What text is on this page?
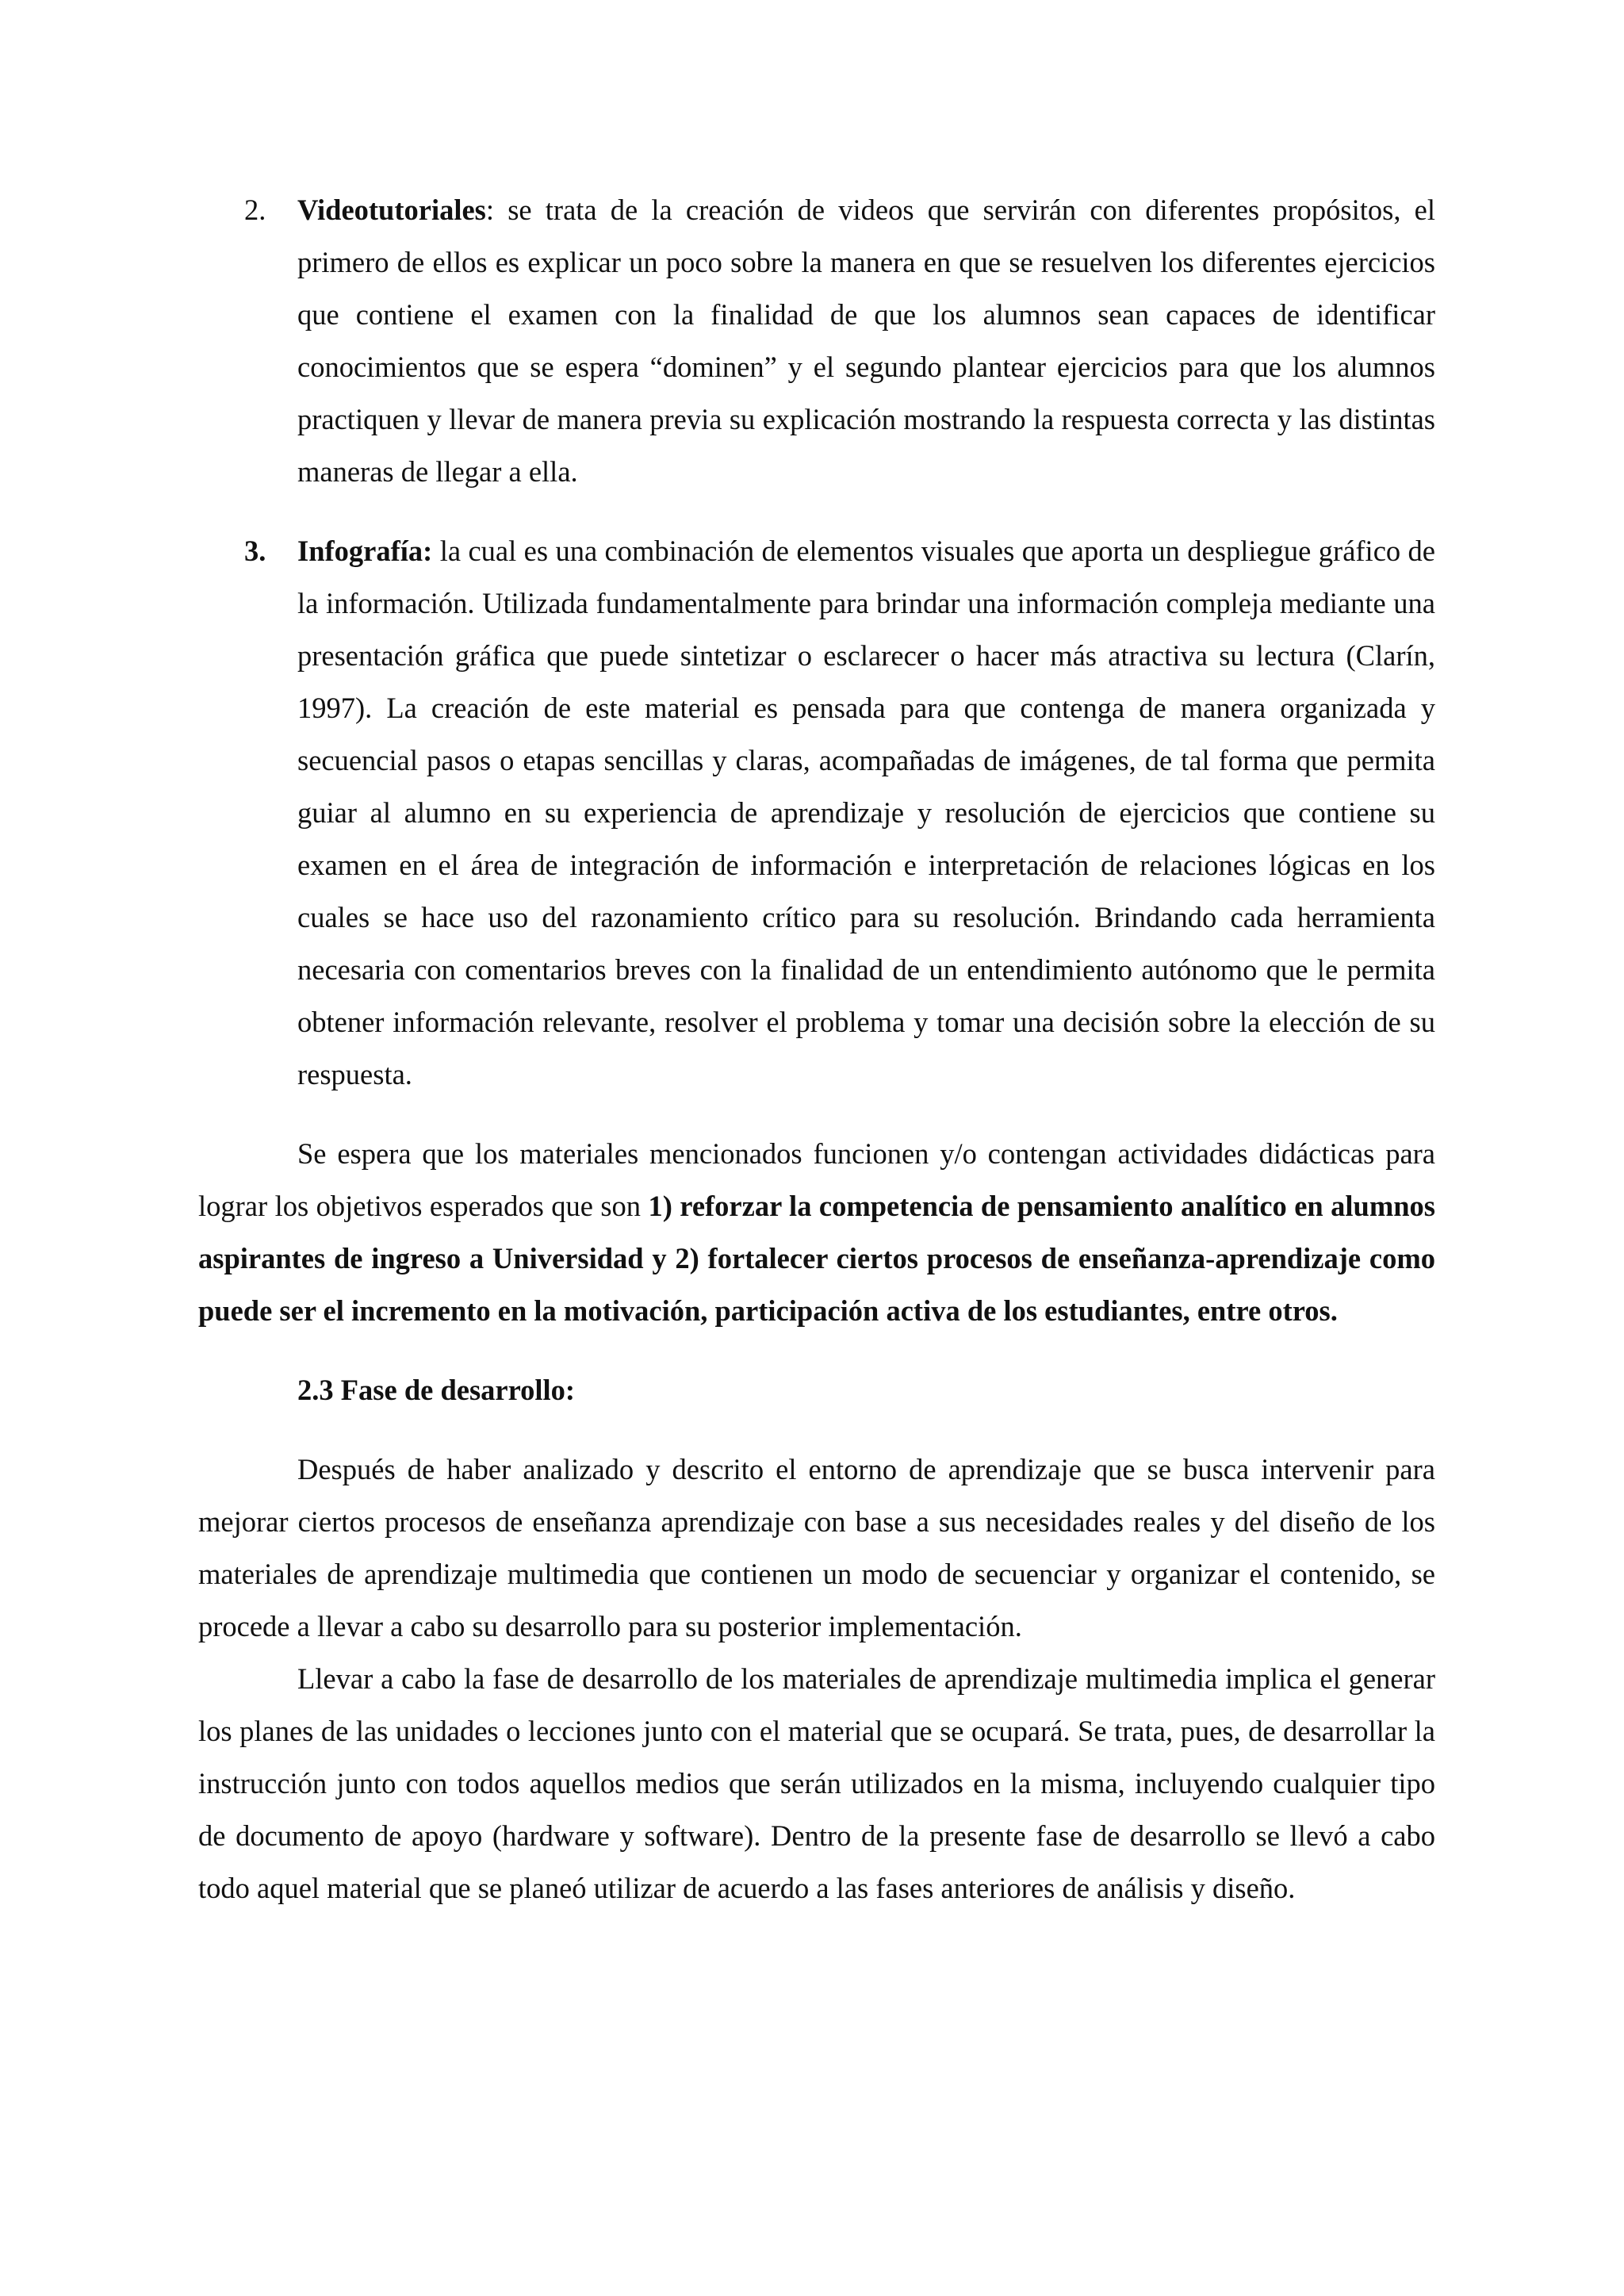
2. Videotutoriales: se trata de la creación de videos que servirán con diferentes propósitos, el primero de ellos es explicar un poco sobre la manera en que se resuelven los diferentes ejercicios que contiene el examen con la finalidad de que los alumnos sean capaces de identificar conocimientos que se espera “dominen” y el segundo plantear ejercicios para que los alumnos practiquen y llevar de manera previa su explicación mostrando la respuesta correcta y las distintas maneras de llegar a ella.
3. Infografía: la cual es una combinación de elementos visuales que aporta un despliegue gráfico de la información. Utilizada fundamentalmente para brindar una información compleja mediante una presentación gráfica que puede sintetizar o esclarecer o hacer más atractiva su lectura (Clarín, 1997). La creación de este material es pensada para que contenga de manera organizada y secuencial pasos o etapas sencillas y claras, acompañadas de imágenes, de tal forma que permita guiar al alumno en su experiencia de aprendizaje y resolución de ejercicios que contiene su examen en el área de integración de información e interpretación de relaciones lógicas en los cuales se hace uso del razonamiento crítico para su resolución. Brindando cada herramienta necesaria con comentarios breves con la finalidad de un entendimiento autónomo que le permita obtener información relevante, resolver el problema y tomar una decisión sobre la elección de su respuesta.

Se espera que los materiales mencionados funcionen y/o contengan actividades didácticas para lograr los objetivos esperados que son 1) reforzar la competencia de pensamiento analítico en alumnos aspirantes de ingreso a Universidad y 2) fortalecer ciertos procesos de enseñanza-aprendizaje como puede ser el incremento en la motivación, participación activa de los estudiantes, entre otros.

2.3 Fase de desarrollo:

Después de haber analizado y descrito el entorno de aprendizaje que se busca intervenir para mejorar ciertos procesos de enseñanza aprendizaje con base a sus necesidades reales y del diseño de los materiales de aprendizaje multimedia que contienen un modo de secuenciar y organizar el contenido, se procede a llevar a cabo su desarrollo para su posterior implementación.

Llevar a cabo la fase de desarrollo de los materiales de aprendizaje multimedia implica el generar los planes de las unidades o lecciones junto con el material que se ocupará. Se trata, pues, de desarrollar la instrucción junto con todos aquellos medios que serán utilizados en la misma, incluyendo cualquier tipo de documento de apoyo (hardware y software). Dentro de la presente fase de desarrollo se llevó a cabo todo aquel material que se planeó utilizar de acuerdo a las fases anteriores de análisis y diseño.
